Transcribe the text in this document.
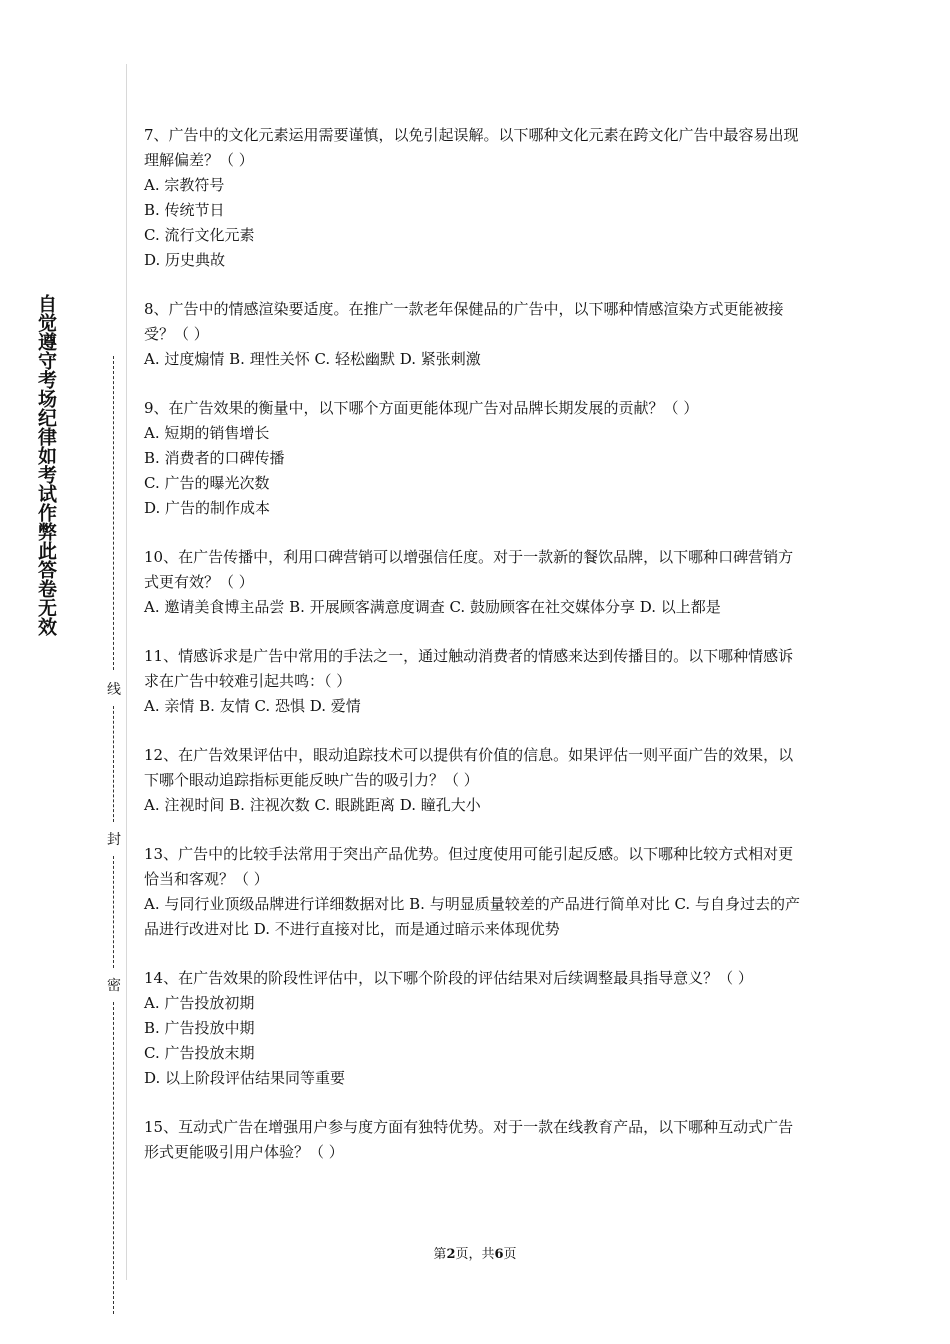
自觉遵守考场纪律如考试作弊此答卷无效
线
封
密

7、广告中的文化元素运用需要谨慎，以免引起误解。以下哪种文化元素在跨文化广告中最容易出现理解偏差？（ ）

A. 宗教符号

B. 传统节日

C. 流行文化元素

D. 历史典故

8、广告中的情感渲染要适度。在推广一款老年保健品的广告中，以下哪种情感渲染方式更能被接受？（ ）

A. 过度煽情 B. 理性关怀 C. 轻松幽默 D. 紧张刺激

9、在广告效果的衡量中，以下哪个方面更能体现广告对品牌长期发展的贡献？（ ）

A. 短期的销售增长

B. 消费者的口碑传播

C. 广告的曝光次数

D. 广告的制作成本

10、在广告传播中，利用口碑营销可以增强信任度。对于一款新的餐饮品牌，以下哪种口碑营销方式更有效？（ ）

A. 邀请美食博主品尝 B. 开展顾客满意度调查 C. 鼓励顾客在社交媒体分享 D. 以上都是

11、情感诉求是广告中常用的手法之一，通过触动消费者的情感来达到传播目的。以下哪种情感诉求在广告中较难引起共鸣：（ ）

A. 亲情 B. 友情 C. 恐惧 D. 爱情

12、在广告效果评估中，眼动追踪技术可以提供有价值的信息。如果评估一则平面广告的效果，以下哪个眼动追踪指标更能反映广告的吸引力？（ ）

A. 注视时间 B. 注视次数 C. 眼跳距离 D. 瞳孔大小

13、广告中的比较手法常用于突出产品优势。但过度使用可能引起反感。以下哪种比较方式相对更恰当和客观？（ ）

A. 与同行业顶级品牌进行详细数据对比 B. 与明显质量较差的产品进行简单对比 C. 与自身过去的产品进行改进对比 D. 不进行直接对比，而是通过暗示来体现优势

14、在广告效果的阶段性评估中，以下哪个阶段的评估结果对后续调整最具指导意义？（ ）

A. 广告投放初期

B. 广告投放中期

C. 广告投放末期

D. 以上阶段评估结果同等重要

15、互动式广告在增强用户参与度方面有独特优势。对于一款在线教育产品，以下哪种互动式广告形式更能吸引用户体验？（ ）

第2页，共6页
